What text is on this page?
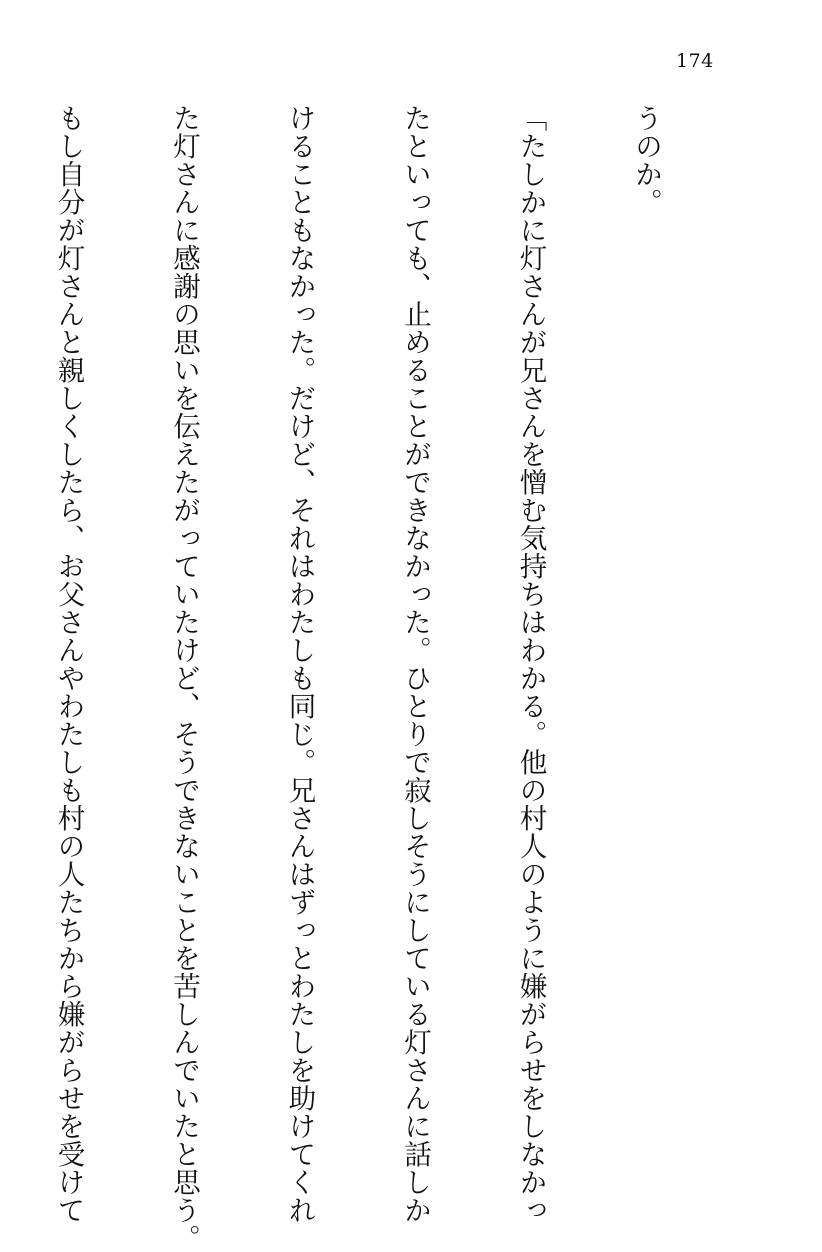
174

うのか。

「たしかに灯さんが兄さんを憎む気持ちはわかる。他の村人のように嫌がらせをしなかっ

たといっても、止めることができなかった。ひとりで寂しそうにしている灯さんに話しか

けることもなかった。だけど、それはわたしも同じ。兄さんはずっとわたしを助けてくれ

た灯さんに感謝の思いを伝えたがっていたけど、そうできないことを苦しんでいたと思う。

もし自分が灯さんと親しくしたら、お父さんやわたしも村の人たちから嫌がらせを受けて
